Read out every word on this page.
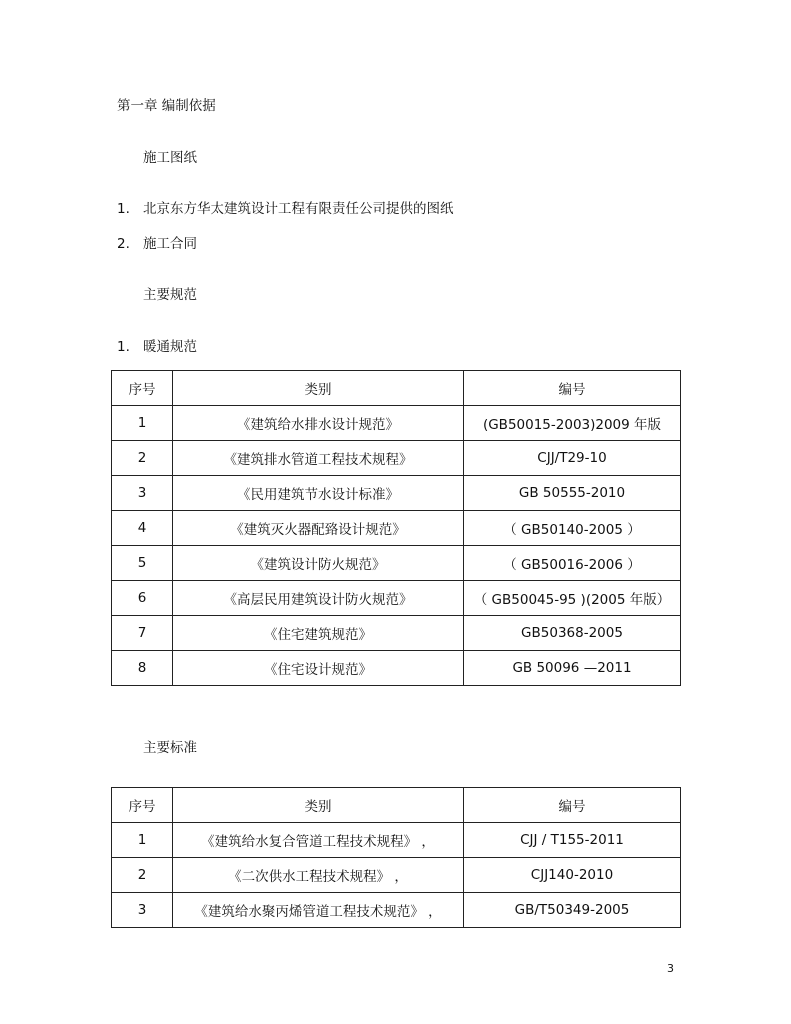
第一章 编制依据
施工图纸
1. 北京东方华太建筑设计工程有限责任公司提供的图纸
2. 施工合同
主要规范
1. 暖通规范
序号	类别	编号
1	《建筑给水排水设计规范》	(GB50015-2003)2009 年版
2	《建筑排水管道工程技术规程》	CJJ/T29-10
3	《民用建筑节水设计标准》	GB 50555-2010
4	《建筑灭火器配臵设计规范》	（ GB50140-2005 ）
5	《建筑设计防火规范》	（ GB50016-2006 ）
6	《高层民用建筑设计防火规范》	（ GB50045-95 )(2005 年版）
7	《住宅建筑规范》	GB50368-2005
8	《住宅设计规范》	GB 50096 —2011
主要标准
序号	类别	编号
1	《建筑给水复合管道工程技术规程》 ，	CJJ / T155-2011
2	《二次供水工程技术规程》 ，	CJJ140-2010
3	《建筑给水聚丙烯管道工程技术规范》 ，	GB/T50349-2005
3
